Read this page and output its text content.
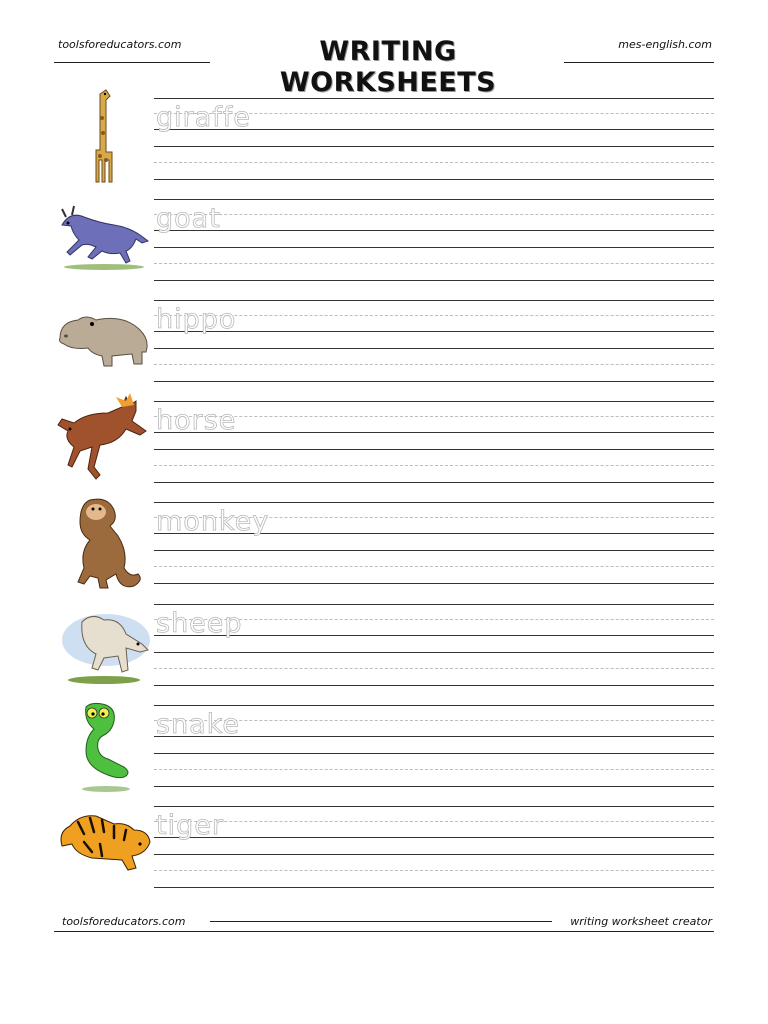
toolsforeducators.com	WRITING WORKSHEETS
mes-english.com
giraffe
goat
hippo
horse
monkey
sheep
snake
tiger
toolsforeducators.com	writing worksheet creator
